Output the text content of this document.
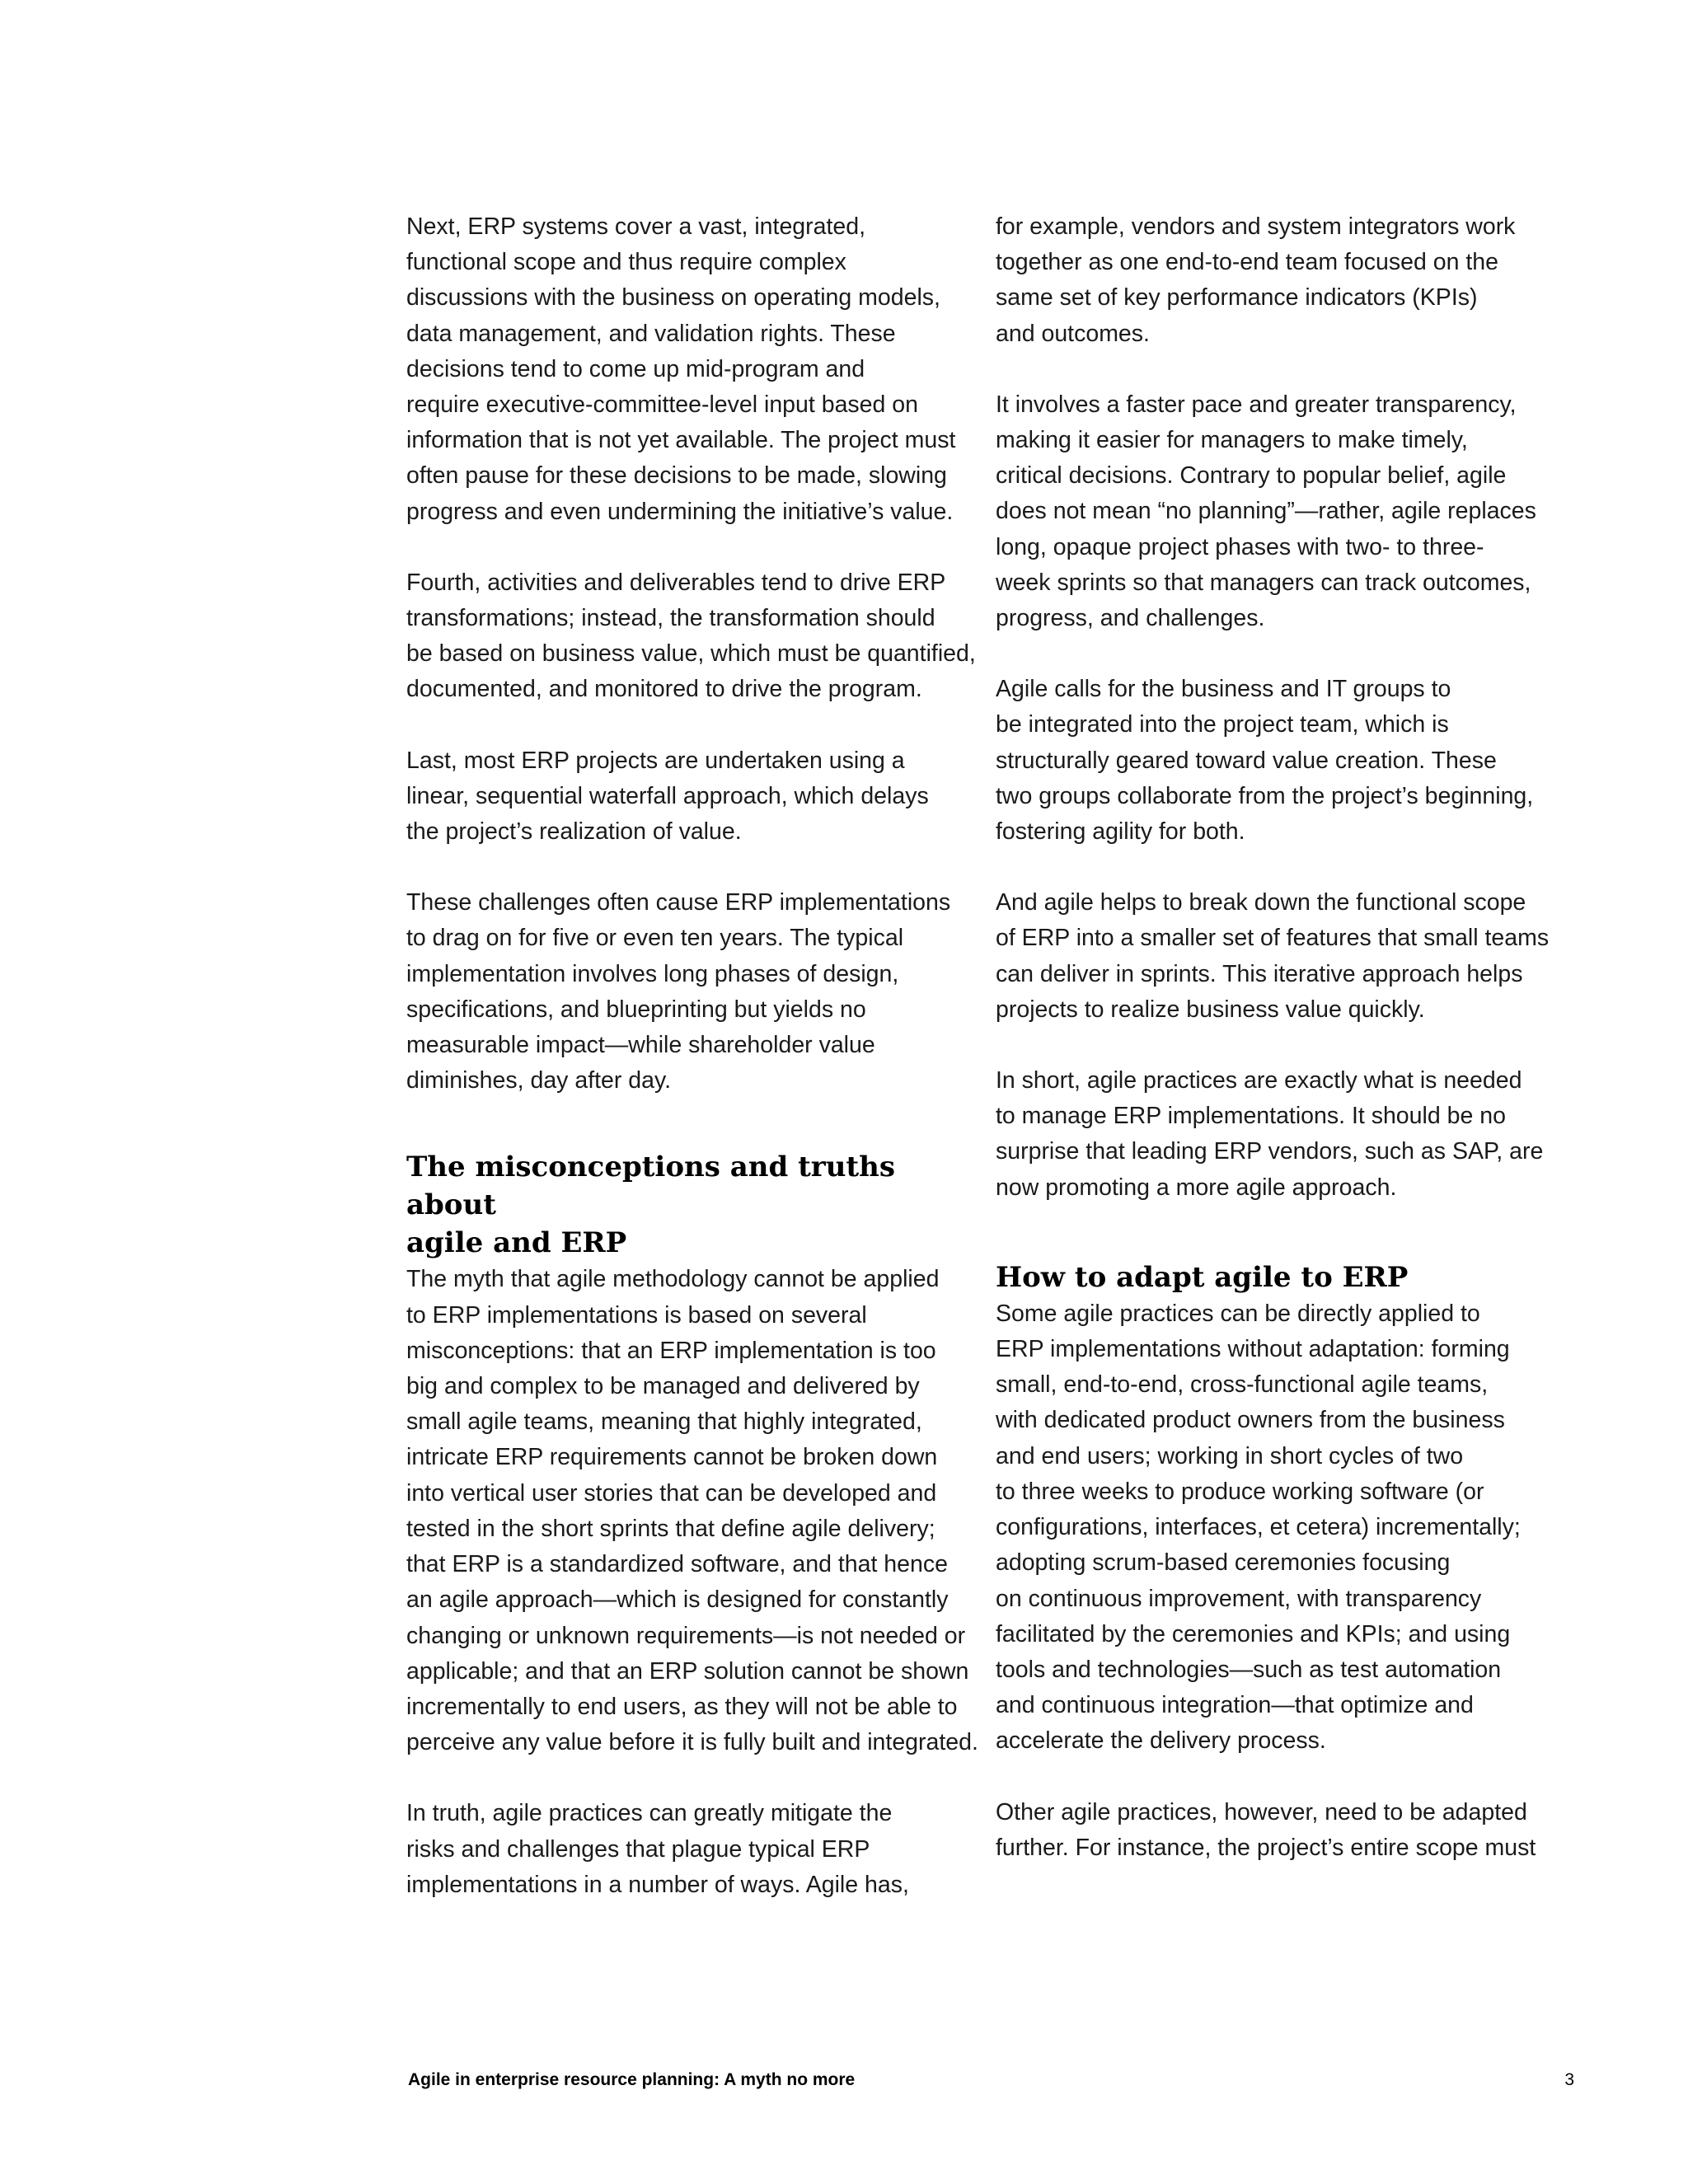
Next, ERP systems cover a vast, integrated,
functional scope and thus require complex
discussions with the business on operating models,
data management, and validation rights. These
decisions tend to come up mid-program and
require executive-committee-level input based on
information that is not yet available. The project must
often pause for these decisions to be made, slowing
progress and even undermining the initiative’s value.

Fourth, activities and deliverables tend to drive ERP
transformations; instead, the transformation should
be based on business value, which must be quantified,
documented, and monitored to drive the program.

Last, most ERP projects are undertaken using a
linear, sequential waterfall approach, which delays
the project’s realization of value.

These challenges often cause ERP implementations
to drag on for five or even ten years. The typical
implementation involves long phases of design,
specifications, and blueprinting but yields no
measurable impact—while shareholder value
diminishes, day after day.

The misconceptions and truths about
agile and ERP

The myth that agile methodology cannot be applied
to ERP implementations is based on several
misconceptions: that an ERP implementation is too
big and complex to be managed and delivered by
small agile teams, meaning that highly integrated,
intricate ERP requirements cannot be broken down
into vertical user stories that can be developed and
tested in the short sprints that define agile delivery;
that ERP is a standardized software, and that hence
an agile approach—which is designed for constantly
changing or unknown requirements—is not needed or
applicable; and that an ERP solution cannot be shown
incrementally to end users, as they will not be able to
perceive any value before it is fully built and integrated.

In truth, agile practices can greatly mitigate the
risks and challenges that plague typical ERP
implementations in a number of ways. Agile has,

for example, vendors and system integrators work
together as one end-to-end team focused on the
same set of key performance indicators (KPIs)
and outcomes.

It involves a faster pace and greater transparency,
making it easier for managers to make timely,
critical decisions. Contrary to popular belief, agile
does not mean “no planning”—rather, agile replaces
long, opaque project phases with two- to three-
week sprints so that managers can track outcomes,
progress, and challenges.

Agile calls for the business and IT groups to
be integrated into the project team, which is
structurally geared toward value creation. These
two groups collaborate from the project’s beginning,
fostering agility for both.

And agile helps to break down the functional scope
of ERP into a smaller set of features that small teams
can deliver in sprints. This iterative approach helps
projects to realize business value quickly.

In short, agile practices are exactly what is needed
to manage ERP implementations. It should be no
surprise that leading ERP vendors, such as SAP, are
now promoting a more agile approach.

How to adapt agile to ERP

Some agile practices can be directly applied to
ERP implementations without adaptation: forming
small, end-to-end, cross-functional agile teams,
with dedicated product owners from the business
and end users; working in short cycles of two
to three weeks to produce working software (or
configurations, interfaces, et cetera) incrementally;
adopting scrum-based ceremonies focusing
on continuous improvement, with transparency
facilitated by the ceremonies and KPIs; and using
tools and technologies—such as test automation
and continuous integration—that optimize and
accelerate the delivery process.

Other agile practices, however, need to be adapted
further. For instance, the project’s entire scope must

Agile in enterprise resource planning: A myth no more	3
